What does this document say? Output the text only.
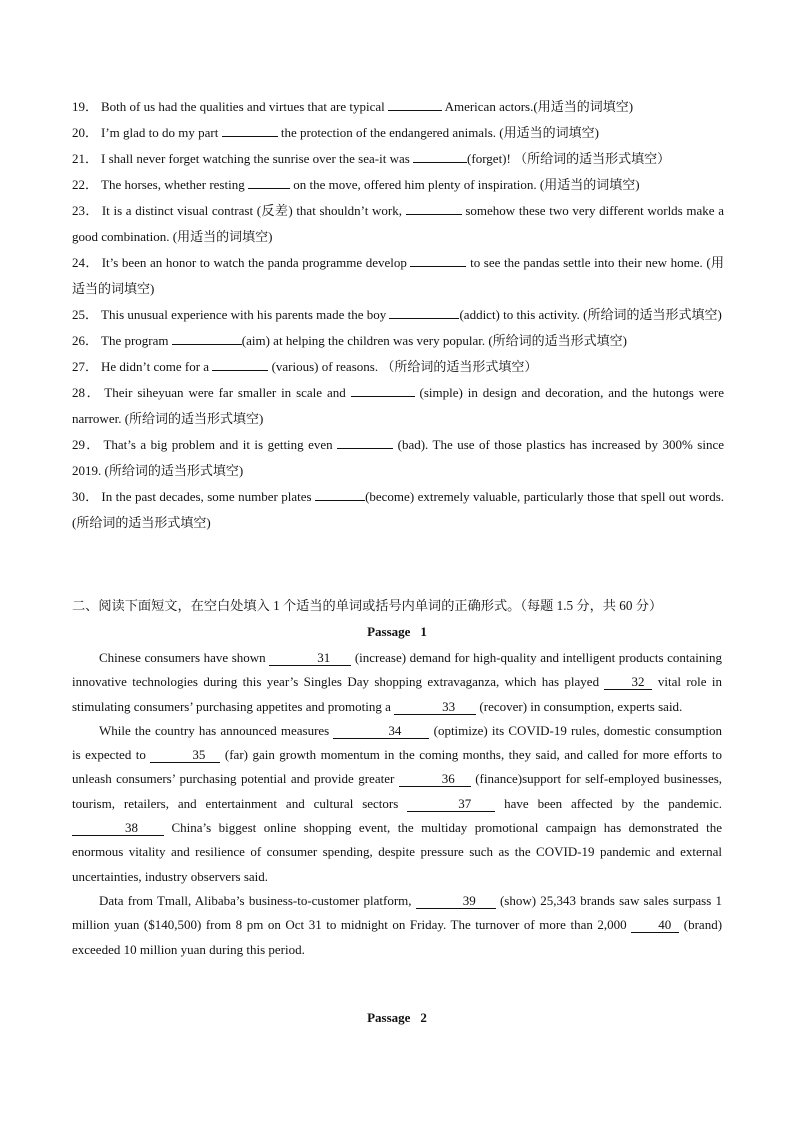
19． Both of us had the qualities and virtues that are typical	American actors.(用适当的词填空)

20． I’m glad to do my part	the protection of the endangered animals. (用适当的词填空)

21． I shall never forget watching the sunrise over the sea-it was	(forget)! （所给词的适当形式填空）

22． The horses, whether resting	on the move, offered him plenty of inspiration. (用适当的词填空)

23． It is a distinct visual contrast (反差) that shouldn’t work,	somehow these two very different worlds make a good combination. (用适当的词填空)

24． It’s been an honor to watch the panda programme develop	to see the pandas settle into their new home. (用适当的词填空)

25． This unusual experience with his parents made the boy	(addict) to this activity. (所给词的适当形式填空)

26． The program	(aim) at helping the children was very popular. (所给词的适当形式填空)

27． He didn’t come for a	(various) of reasons. （所给词的适当形式填空）

28． Their siheyuan were far smaller in scale and	(simple) in design and decoration, and the hutongs were narrower. (所给词的适当形式填空)

29． That’s a big problem and it is getting even	(bad). The use of those plastics has increased by 300% since 2019. (所给词的适当形式填空)

30． In the past decades, some number plates	(become) extremely valuable, particularly those that spell out words. (所给词的适当形式填空)

二、阅读下面短文，在空白处填入 1 个适当的单词或括号内单词的正确形式。（每题 1.5 分，共 60 分）
Passage 1

Chinese consumers have shown	31 (increase) demand for high-quality and intelligent products containing innovative technologies during this year’s Singles Day shopping extravaganza, which has played 32 vital role in stimulating consumers’ purchasing appetites and promoting a	33 (recover) in consumption, experts said.

While the country has announced measures	34 (optimize) its COVID-19 rules, domestic consumption is expected to	35 (far) gain growth momentum in the coming months, they said, and called for more efforts to unleash consumers’ purchasing potential and provide greater	36 (finance)support for self-employed businesses, tourism, retailers, and entertainment and cultural sectors	37	have been affected by the pandemic. 38	China’s biggest online shopping event, the multiday promotional campaign has demonstrated the enormous vitality and resilience of consumer spending, despite pressure such as the COVID-19 pandemic and external uncertainties, industry observers said.

Data from Tmall, Alibaba’s business-to-customer platform,	39 (show) 25,343 brands saw sales surpass 1 million yuan ($140,500) from 8 pm on Oct 31 to midnight on Friday. The turnover of more than 2,000 40 (brand) exceeded 10 million yuan during this period.

Passage 2
